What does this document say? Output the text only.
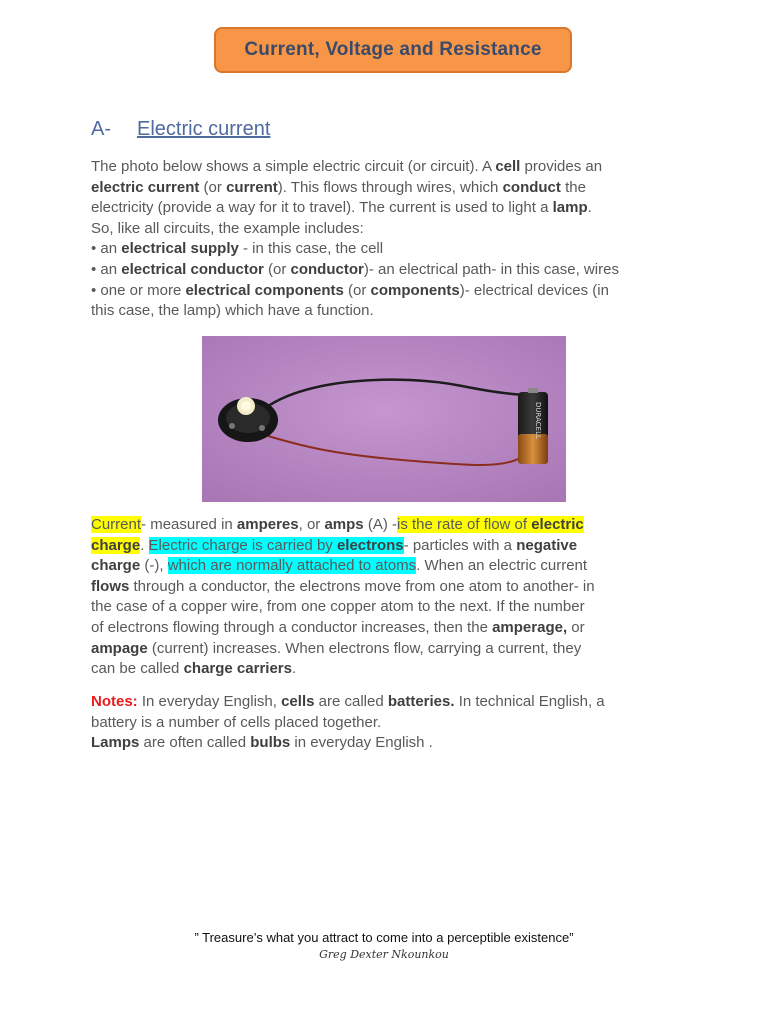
Current, Voltage and Resistance
A- Electric current
The photo below shows a simple electric circuit (or circuit). A cell provides an
electric current (or current). This flows through wires, which conduct the
electricity (provide a way for it to travel). The current is used to light a lamp.
So, like all circuits, the example includes:
• an electrical supply - in this case, the cell
• an electrical conductor (or conductor)- an electrical path- in this case, wires
• one or more electrical components (or components)- electrical devices (in
this case, the lamp) which have a function.
DURACELL
Current- measured in amperes, or amps (A) -is the rate of flow of electric
charge. Electric charge is carried by electrons- particles with a negative
charge (-), which are normally attached to atoms. When an electric current
flows through a conductor, the electrons move from one atom to another- in
the case of a copper wire, from one copper atom to the next. If the number
of electrons flowing through a conductor increases, then the amperage, or
ampage (current) increases. When electrons flow, carrying a current, they
can be called charge carriers.
Notes: In everyday English, cells are called batteries. In technical English, a
battery is a number of cells placed together.
Lamps are often called bulbs in everyday English .
” Treasure’s what you attract to come into a perceptible existence”
Greg Dexter Nkounkou
